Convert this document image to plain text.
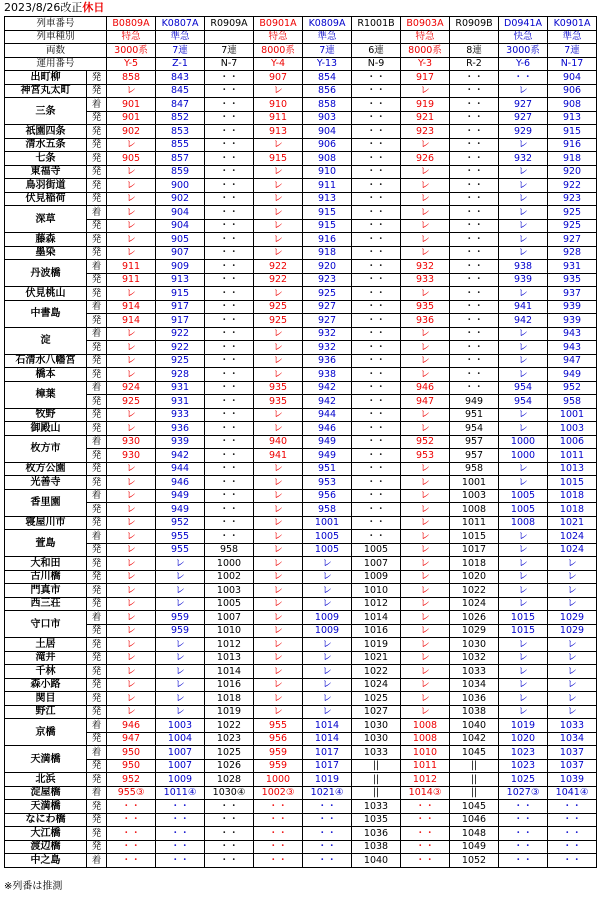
2023/8/26改正休日
列車番号		B0809A	K0807A	R0909A	B0901A	K0809A	R1001B	B0903A	R0909B	D0941A	K0901A
列車種別		特急	準急		特急	準急		特急		快急	準急
両数		3000系	7連	7連	8000系	7連	6連	8000系	8連	3000系	7連
運用番号		Y-5	Z-1	N-7	Y-4	Y-13	N-9	Y-3	R-2	Y-6	N-17
出町柳	発	858	843	・・	907	854	・・	917	・・	・・	904
神宮丸太町	発	レ	845	・・	レ	856	・・	レ	・・	レ	906
三条	着	901	847	・・	910	858	・・	919	・・	927	908
	発	901	852	・・	911	903	・・	921	・・	927	913
祇園四条	発	902	853	・・	913	904	・・	923	・・	929	915
清水五条	発	レ	855	・・	レ	906	・・	レ	・・	レ	916
七条	発	905	857	・・	915	908	・・	926	・・	932	918
東福寺	発	レ	859	・・	レ	910	・・	レ	・・	レ	920
鳥羽街道	発	レ	900	・・	レ	911	・・	レ	・・	レ	922
伏見稲荷	発	レ	902	・・	レ	913	・・	レ	・・	レ	923
深草	着	レ	904	・・	レ	915	・・	レ	・・	レ	925
	発	レ	904	・・	レ	915	・・	レ	・・	レ	925
藤森	発	レ	905	・・	レ	916	・・	レ	・・	レ	927
墨染	発	レ	907	・・	レ	918	・・	レ	・・	レ	928
丹波橋	着	911	909	・・	922	920	・・	932	・・	938	931
	発	911	913	・・	922	923	・・	933	・・	939	935
伏見桃山	発	レ	915	・・	レ	925	・・	レ	・・	レ	937
中書島	着	914	917	・・	925	927	・・	935	・・	941	939
	発	914	917	・・	925	927	・・	936	・・	942	939
淀	着	レ	922	・・	レ	932	・・	レ	・・	レ	943
	発	レ	922	・・	レ	932	・・	レ	・・	レ	943
石清水八幡宮	発	レ	925	・・	レ	936	・・	レ	・・	レ	947
橋本	発	レ	928	・・	レ	938	・・	レ	・・	レ	949
樟葉	着	924	931	・・	935	942	・・	946	・・	954	952
	発	925	931	・・	935	942	・・	947	949	954	958
牧野	発	レ	933	・・	レ	944	・・	レ	951	レ	1001
御殿山	発	レ	936	・・	レ	946	・・	レ	954	レ	1003
枚方市	着	930	939	・・	940	949	・・	952	957	1000	1006
	発	930	942	・・	941	949	・・	953	957	1000	1011
枚方公園	発	レ	944	・・	レ	951	・・	レ	958	レ	1013
光善寺	発	レ	946	・・	レ	953	・・	レ	1001	レ	1015
香里園	着	レ	949	・・	レ	956	・・	レ	1003	1005	1018
	発	レ	949	・・	レ	958	・・	レ	1008	1005	1018
寝屋川市	発	レ	952	・・	レ	1001	・・	レ	1011	1008	1021
萱島	着	レ	955	・・	レ	1005	・・	レ	1015	レ	1024
	発	レ	955	958	レ	1005	1005	レ	1017	レ	1024
大和田	発	レ	レ	1000	レ	レ	1007	レ	1018	レ	レ
古川橋	発	レ	レ	1002	レ	レ	1009	レ	1020	レ	レ
門真市	発	レ	レ	1003	レ	レ	1010	レ	1022	レ	レ
西三荘	発	レ	レ	1005	レ	レ	1012	レ	1024	レ	レ
守口市	着	レ	959	1007	レ	1009	1014	レ	1026	1015	1029
	発	レ	959	1010	レ	1009	1016	レ	1029	1015	1029
土居	発	レ	レ	1012	レ	レ	1019	レ	1030	レ	レ
滝井	発	レ	レ	1013	レ	レ	1021	レ	1032	レ	レ
千林	発	レ	レ	1014	レ	レ	1022	レ	1033	レ	レ
森小路	発	レ	レ	1016	レ	レ	1024	レ	1034	レ	レ
関目	発	レ	レ	1018	レ	レ	1025	レ	1036	レ	レ
野江	発	レ	レ	1019	レ	レ	1027	レ	1038	レ	レ
京橋	着	946	1003	1022	955	1014	1030	1008	1040	1019	1033
	発	947	1004	1023	956	1014	1030	1008	1042	1020	1034
天満橋	着	950	1007	1025	959	1017	1033	1010	1045	1023	1037
	発	950	1007	1026	959	1017	||	1011	||	1023	1037
北浜	発	952	1009	1028	1000	1019	||	1012	||	1025	1039
淀屋橋	着	955③	1011④	1030④	1002③	1021④	||	1014③	||	1027③	1041④
天満橋	発	・・	・・	・・	・・	・・	1033	・・	1045	・・	・・
なにわ橋	発	・・	・・	・・	・・	・・	1035	・・	1046	・・	・・
大江橋	発	・・	・・	・・	・・	・・	1036	・・	1048	・・	・・
渡辺橋	発	・・	・・	・・	・・	・・	1038	・・	1049	・・	・・
中之島	着	・・	・・	・・	・・	・・	1040	・・	1052	・・	・・
※列番は推測
